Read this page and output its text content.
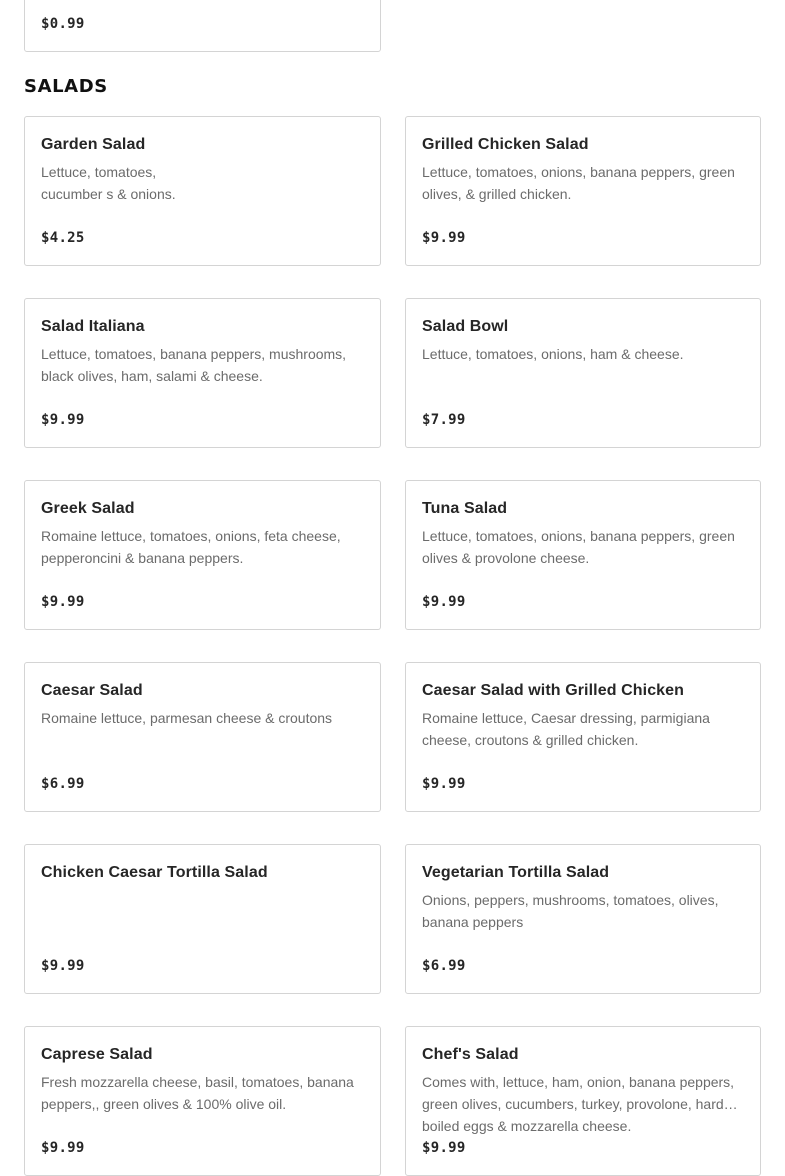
$0.99
SALADS
Garden Salad
Lettuce, tomatoes,
cucumber s & onions.
$4.25
Grilled Chicken Salad
Lettuce, tomatoes, onions, banana peppers, green olives, & grilled chicken.
$9.99
Salad Italiana
Lettuce, tomatoes, banana peppers, mushrooms, black olives, ham, salami & cheese.
$9.99
Salad Bowl
Lettuce, tomatoes, onions, ham & cheese.
$7.99
Greek Salad
Romaine lettuce, tomatoes, onions, feta cheese, pepperoncini & banana peppers.
$9.99
Tuna Salad
Lettuce, tomatoes, onions, banana peppers, green olives & provolone cheese.
$9.99
Caesar Salad
Romaine lettuce, parmesan cheese & croutons
$6.99
Caesar Salad with Grilled Chicken
Romaine lettuce, Caesar dressing, parmigiana cheese, croutons & grilled chicken.
$9.99
Chicken Caesar Tortilla Salad
$9.99
Vegetarian Tortilla Salad
Onions, peppers, mushrooms, tomatoes, olives, banana peppers
$6.99
Caprese Salad
Fresh mozzarella cheese, basil, tomatoes, banana peppers,, green olives & 100% olive oil.
$9.99
Chef's Salad
Comes with, lettuce, ham, onion, banana peppers, green olives, cucumbers, turkey, provolone, hard boiled eggs & mozzarella cheese.
$9.99
